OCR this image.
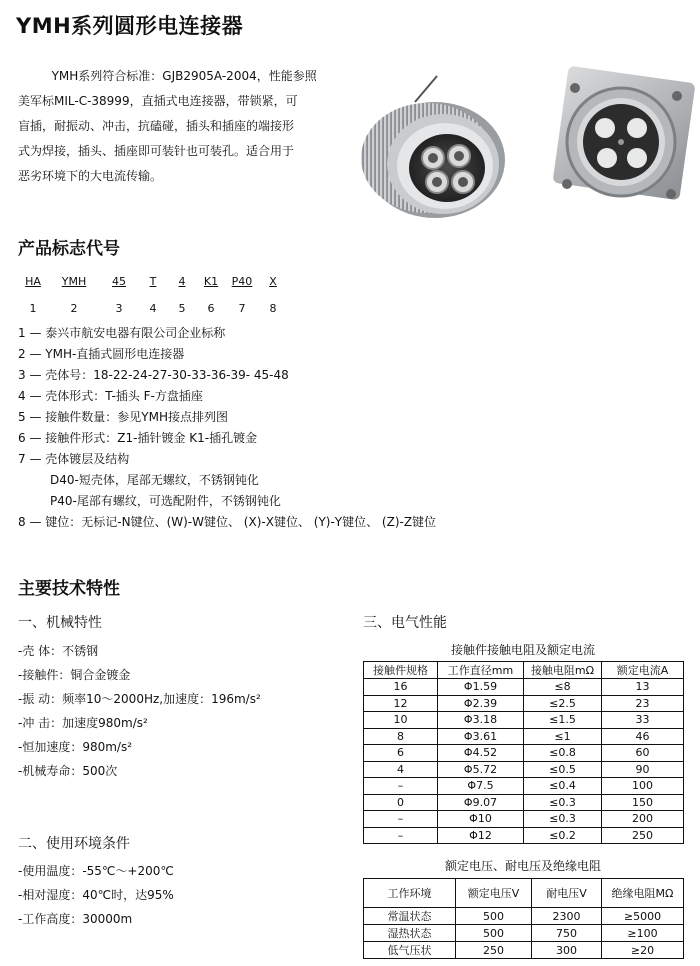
YMH系列圆形电连接器
YMH系列符合标准：GJB2905A-2004，性能参照
美军标MIL-C-38999，直插式电连接器，带锁紧，可
盲插，耐振动、冲击，抗磕碰，插头和插座的端接形
式为焊接，插头、插座即可装针也可装孔。适合用于
恶劣环境下的大电流传输。
产品标志代号
HA	YMH	45	T	4	K1	P40	X
1	2	3	4	5	6	7	8
1 — 泰兴市航安电器有限公司企业标称
2 — YMH-直插式圆形电连接器
3 — 壳体号：18-22-24-27-30-33-36-39- 45-48
4 — 壳体形式：T-插头 F-方盘插座
5 — 接触件数量：参见YMH接点排列图
6 — 接触件形式：Z1-插针镀金 K1-插孔镀金
7 — 壳体镀层及结构
D40-短壳体，尾部无螺纹，不锈钢钝化
P40-尾部有螺纹，可选配附件，不锈钢钝化
8 — 键位：无标记-N键位、(W)-W键位、 (X)-X键位、 (Y)-Y键位、 (Z)-Z键位
主要技术特性
一、机械特性
-壳 体：不锈钢
-接触件：铜合金镀金
-振 动：频率10～2000Hz,加速度：196m/s²
-冲 击：加速度980m/s²
-恒加速度：980m/s²
-机械寿命：500次
二、使用环境条件
-使用温度：-55℃～+200℃
-相对湿度：40℃时，达95%
-工作高度：30000m
三、电气性能
接触件接触电阻及额定电流
接触件规格	工作直径mm	接触电阻mΩ	额定电流A
16	Φ1.59	≤8	13
12	Φ2.39	≤2.5	23
10	Φ3.18	≤1.5	33
8	Φ3.61	≤1	46
6	Φ4.52	≤0.8	60
4	Φ5.72	≤0.5	90
–	Φ7.5	≤0.4	100
0	Φ9.07	≤0.3	150
–	Φ10	≤0.3	200
–	Φ12	≤0.2	250
额定电压、耐电压及绝缘电阻
工作环境	额定电压V	耐电压V	绝缘电阻MΩ
常温状态	500	2300	≥5000
湿热状态	500	750	≥100
低气压状	250	300	≥20
